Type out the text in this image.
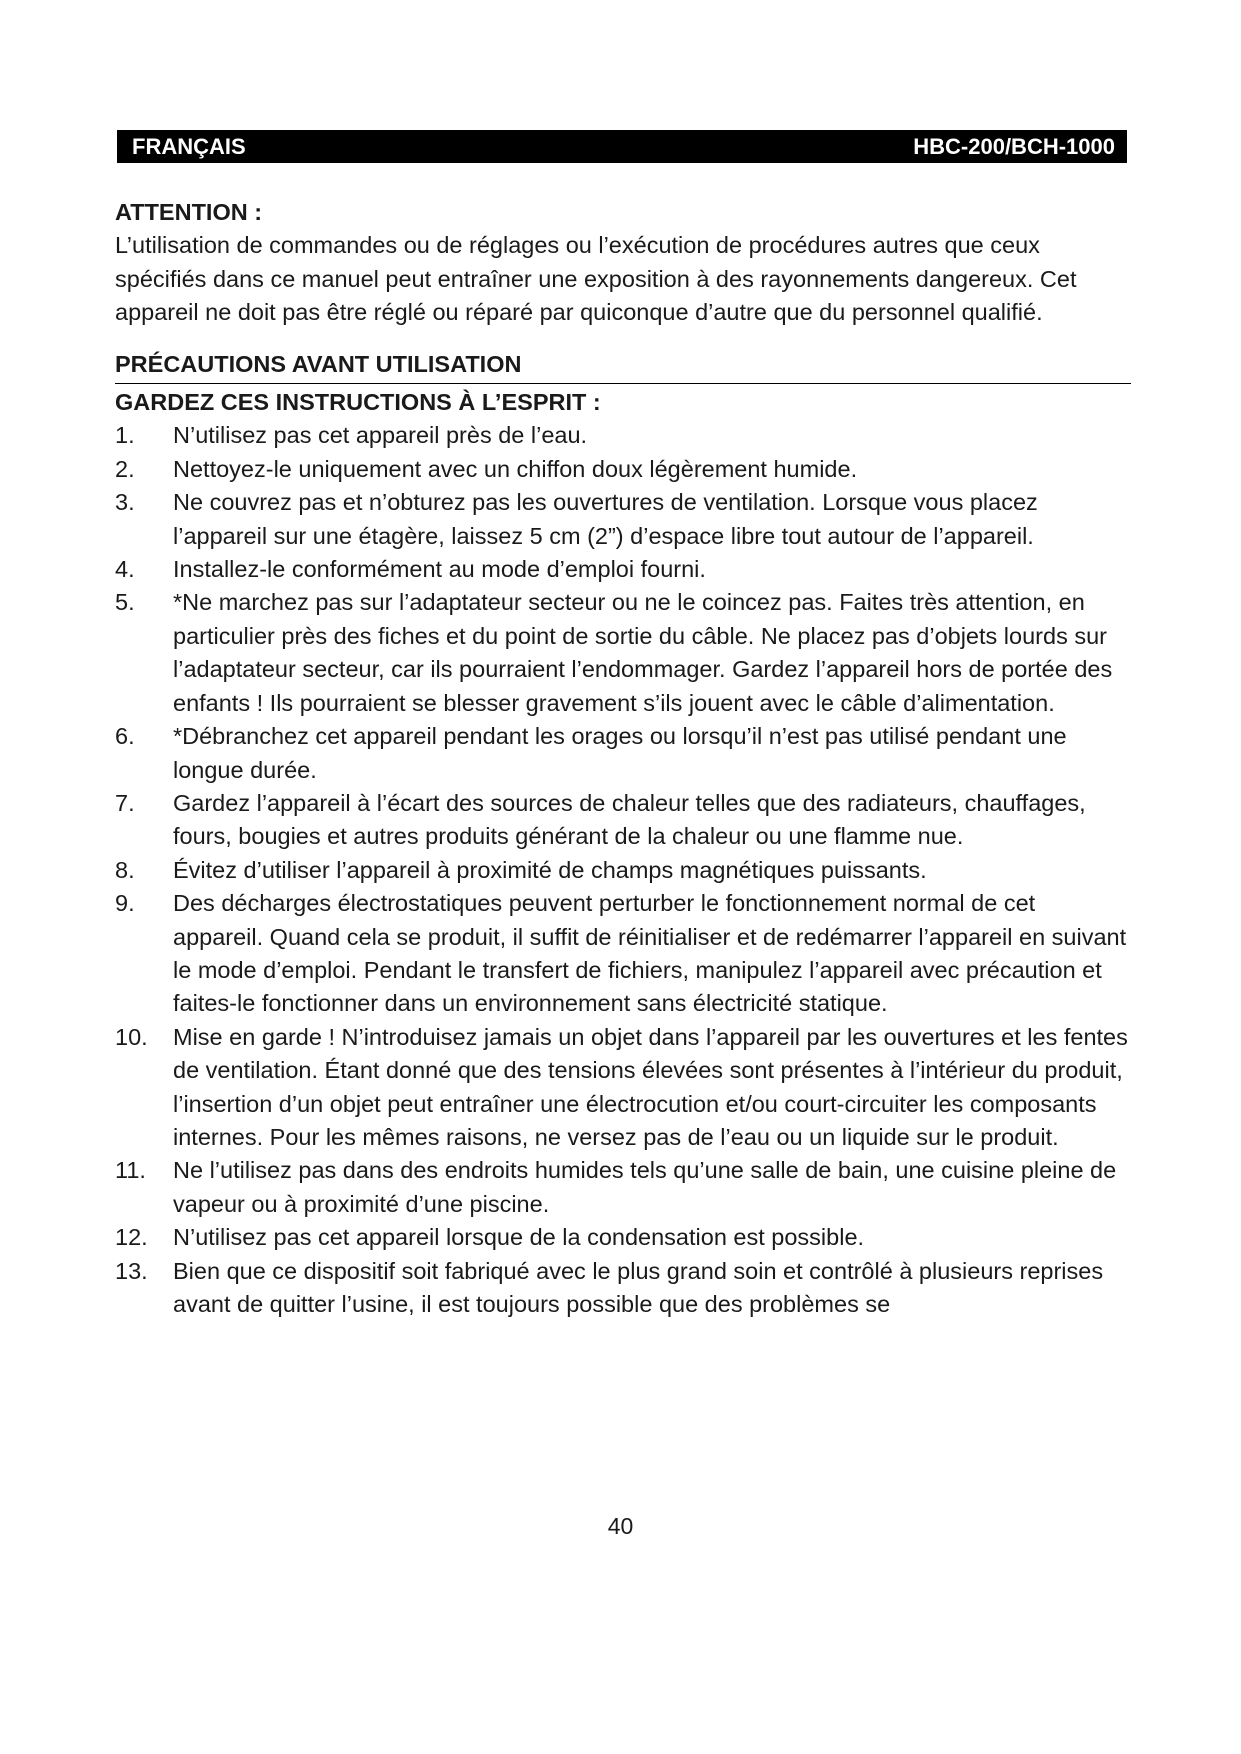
FRANÇAIS	HBC-200/BCH-1000
ATTENTION :
L’utilisation de commandes ou de réglages ou l’exécution de procédures autres que ceux spécifiés dans ce manuel peut entraîner une exposition à des rayonnements dangereux. Cet appareil ne doit pas être réglé ou réparé par quiconque d’autre que du personnel qualifié.
PRÉCAUTIONS AVANT UTILISATION
GARDEZ CES INSTRUCTIONS À L’ESPRIT :
1.	N’utilisez pas cet appareil près de l’eau.
2.	Nettoyez-le uniquement avec un chiffon doux légèrement humide.
3.	Ne couvrez pas et n’obturez pas les ouvertures de ventilation. Lorsque vous placez l’appareil sur une étagère, laissez 5 cm (2”) d’espace libre tout autour de l’appareil.
4.	Installez-le conformément au mode d’emploi fourni.
5.	*Ne marchez pas sur l’adaptateur secteur ou ne le coincez pas. Faites très attention, en particulier près des fiches et du point de sortie du câble. Ne placez pas d’objets lourds sur l’adaptateur secteur, car ils pourraient l’endommager. Gardez l’appareil hors de portée des enfants ! Ils pourraient se blesser gravement s’ils jouent avec le câble d’alimentation.
6.	*Débranchez cet appareil pendant les orages ou lorsqu’il n’est pas utilisé pendant une longue durée.
7.	Gardez l’appareil à l’écart des sources de chaleur telles que des radiateurs, chauffages, fours, bougies et autres produits générant de la chaleur ou une flamme nue.
8.	Évitez d’utiliser l’appareil à proximité de champs magnétiques puissants.
9.	Des décharges électrostatiques peuvent perturber le fonctionnement normal de cet appareil. Quand cela se produit, il suffit de réinitialiser et de redémarrer l’appareil en suivant le mode d’emploi. Pendant le transfert de fichiers, manipulez l’appareil avec précaution et faites-le fonctionner dans un environnement sans électricité statique.
10.	Mise en garde ! N’introduisez jamais un objet dans l’appareil par les ouvertures et les fentes de ventilation. Étant donné que des tensions élevées sont présentes à l’intérieur du produit, l’insertion d’un objet peut entraîner une électrocution et/ou court-circuiter les composants internes. Pour les mêmes raisons, ne versez pas de l’eau ou un liquide sur le produit.
11.	Ne l’utilisez pas dans des endroits humides tels qu’une salle de bain, une cuisine pleine de vapeur ou à proximité d’une piscine.
12.	N’utilisez pas cet appareil lorsque de la condensation est possible.
13.	Bien que ce dispositif soit fabriqué avec le plus grand soin et contrôlé à plusieurs reprises avant de quitter l’usine, il est toujours possible que des problèmes se
40
